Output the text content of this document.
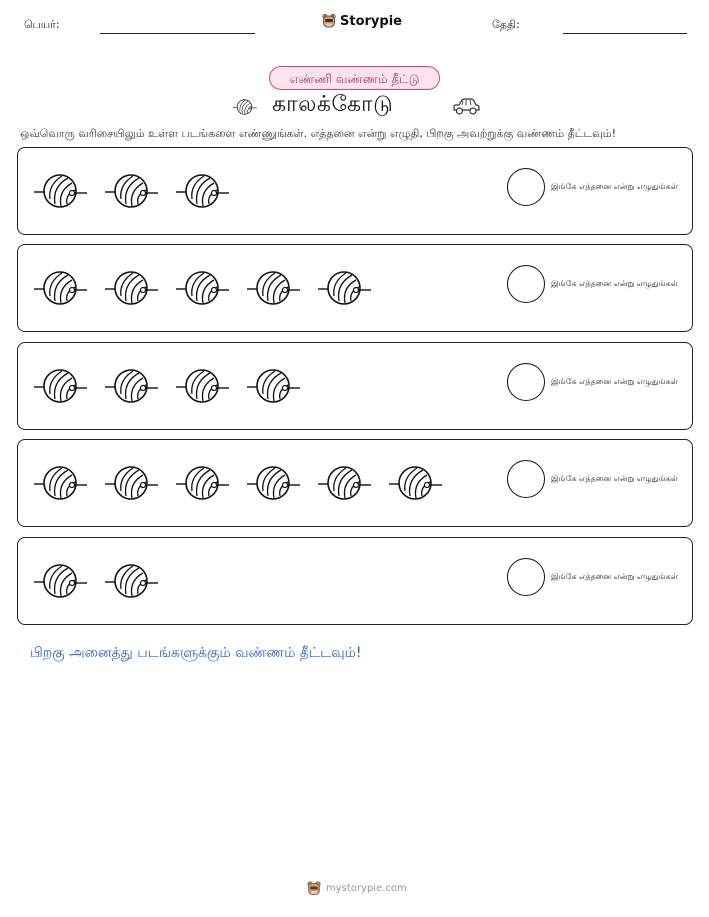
பெயர்:	Storypie	தேதி:
எண்ணி வண்ணம் தீட்டு
காலக்கோடு
ஒவ்வொரு வரிசையிலும் உள்ள படங்களை எண்ணுங்கள். எத்தனை என்று எழுதி, பிறகு அவற்றுக்கு வண்ணம் தீட்டவும்!
இங்கே எத்தனை என்று எழுதுங்கள்
இங்கே எத்தனை என்று எழுதுங்கள்
இங்கே எத்தனை என்று எழுதுங்கள்
இங்கே எத்தனை என்று எழுதுங்கள்
இங்கே எத்தனை என்று எழுதுங்கள்
பிறகு அனைத்து படங்களுக்கும் வண்ணம் தீட்டவும்!
mystorypie.com
